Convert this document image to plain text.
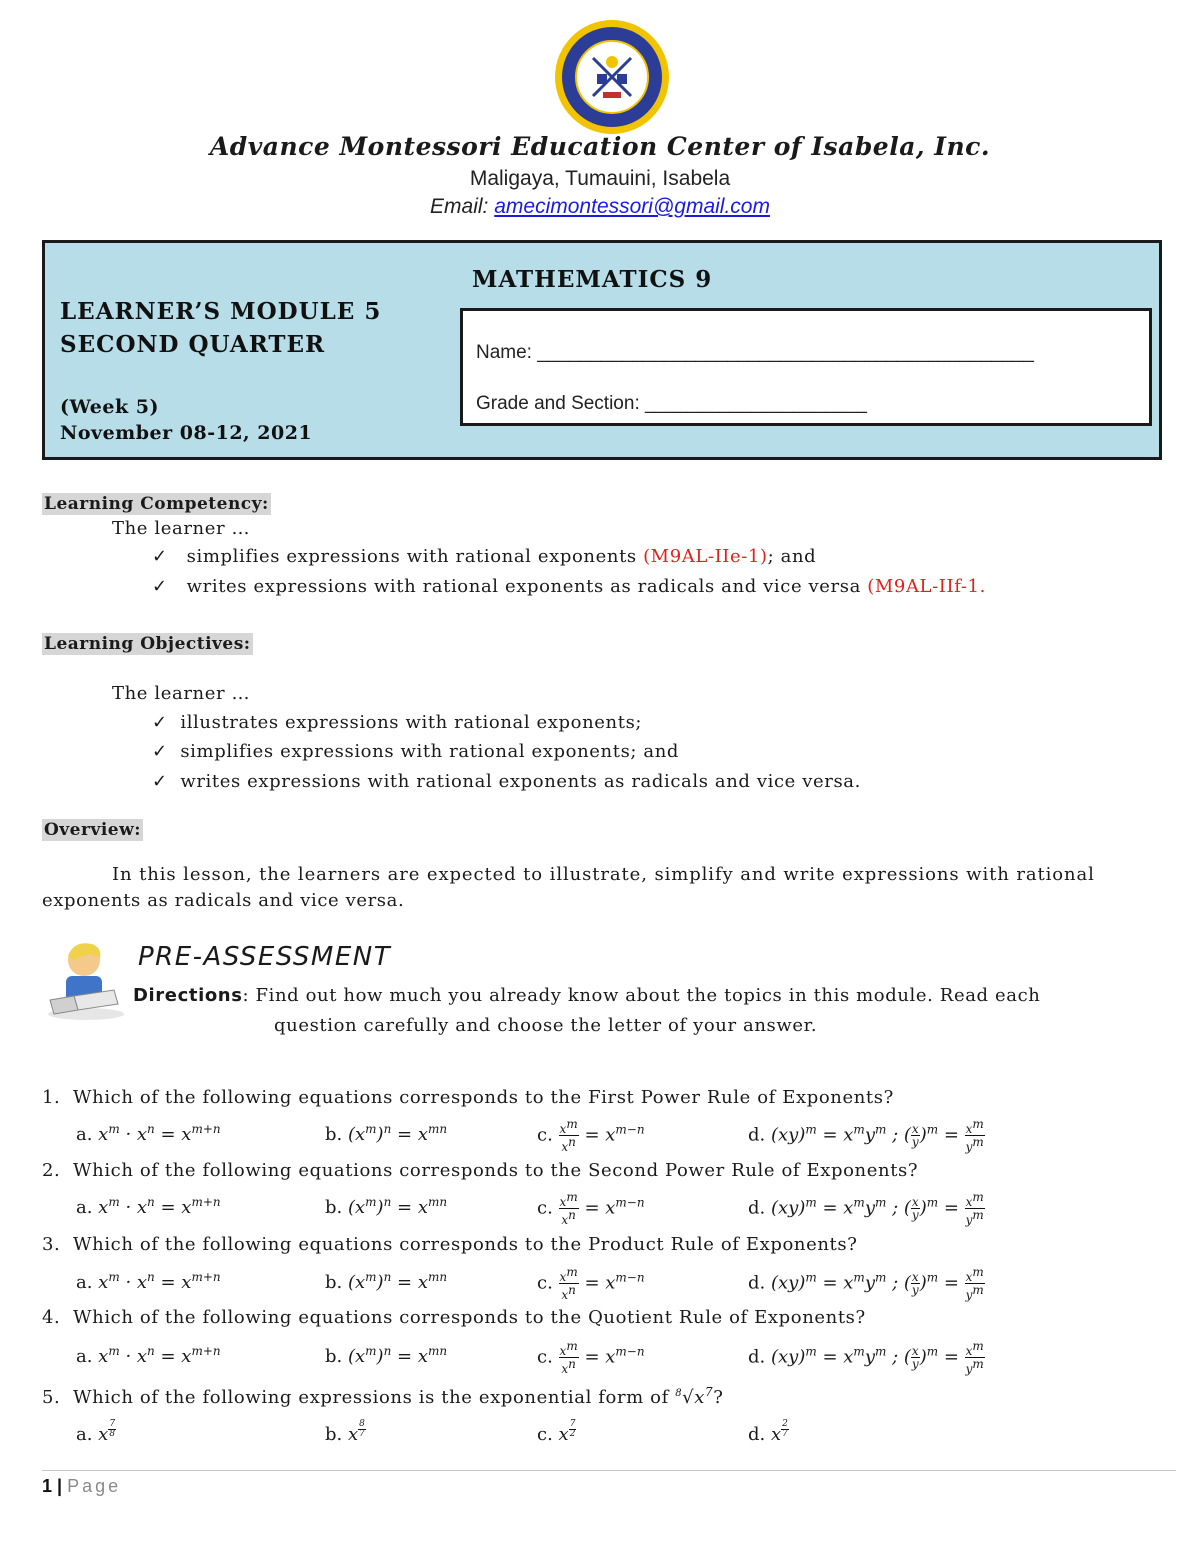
Advance Montessori Education Center of Isabela, Inc.
Maligaya, Tumauini, Isabela
Email: amecimontessori@gmail.com
MATHEMATICS 9
LEARNER’S MODULE 5
SECOND QUARTER
(Week 5)
November 08-12, 2021
Name: _______________________________________________
Grade and Section: _____________________
Learning Competency:
The learner …
✓ simplifies expressions with rational exponents (M9AL-IIe-1); and
✓ writes expressions with rational exponents as radicals and vice versa (M9AL-IIf-1.
Learning Objectives:
The learner …
✓ illustrates expressions with rational exponents;
✓ simplifies expressions with rational exponents; and
✓ writes expressions with rational exponents as radicals and vice versa.
Overview:
In this lesson, the learners are expected to illustrate, simplify and write expressions with rational
exponents as radicals and vice versa.
PRE-ASSESSMENT
Directions: Find out how much you already know about the topics in this module. Read each
question carefully and choose the letter of your answer.
1. Which of the following equations corresponds to the First Power Rule of Exponents?
a. $x^m \cdot x^n = x^{m+n}$	b. $(x^m)^n = x^{mn}$	c. $\frac{x^m}{x^n} = x^{m-n}$	d. $(xy)^m = x^my^m$ ; ( $\frac{x}{y} )^m = \frac{x^m}{y^m}$
2. Which of the following equations corresponds to the Second Power Rule of Exponents?
a. $x^m \cdot x^n = x^{m+n}$	b. $(x^m)^n = x^{mn}$	c. $\frac{x^m}{x^n} = x^{m-n}$	d. $(xy)^m = x^my^m$ ; ( $\frac{x}{y} )^m = \frac{x^m}{y^m}$
3. Which of the following equations corresponds to the Product Rule of Exponents?
a. $x^m \cdot x^n = x^{m+n}$	b. $(x^m)^n = x^{mn}$	c. $\frac{x^m}{x^n} = x^{m-n}$	d. $(xy)^m = x^my^m$ ; ( $\frac{x}{y} )^m = \frac{x^m}{y^m}$
4. Which of the following equations corresponds to the Quotient Rule of Exponents?
a. $x^m \cdot x^n = x^{m+n}$	b. $(x^m)^n = x^{mn}$	c. $\frac{x^m}{x^n} = x^{m-n}$	d. $(xy)^m = x^my^m$ ; ( $\frac{x}{y} )^m = \frac{x^m}{y^m}$
5. Which of the following expressions is the exponential form of $^8√x^7$?
a. x $^{\frac{7}{8}}$	b. x $^{\frac{8}{7}}$	c. x $^{\frac{7}{2}}$	d. x $^{\frac{2}{7}}$
1 | Page
